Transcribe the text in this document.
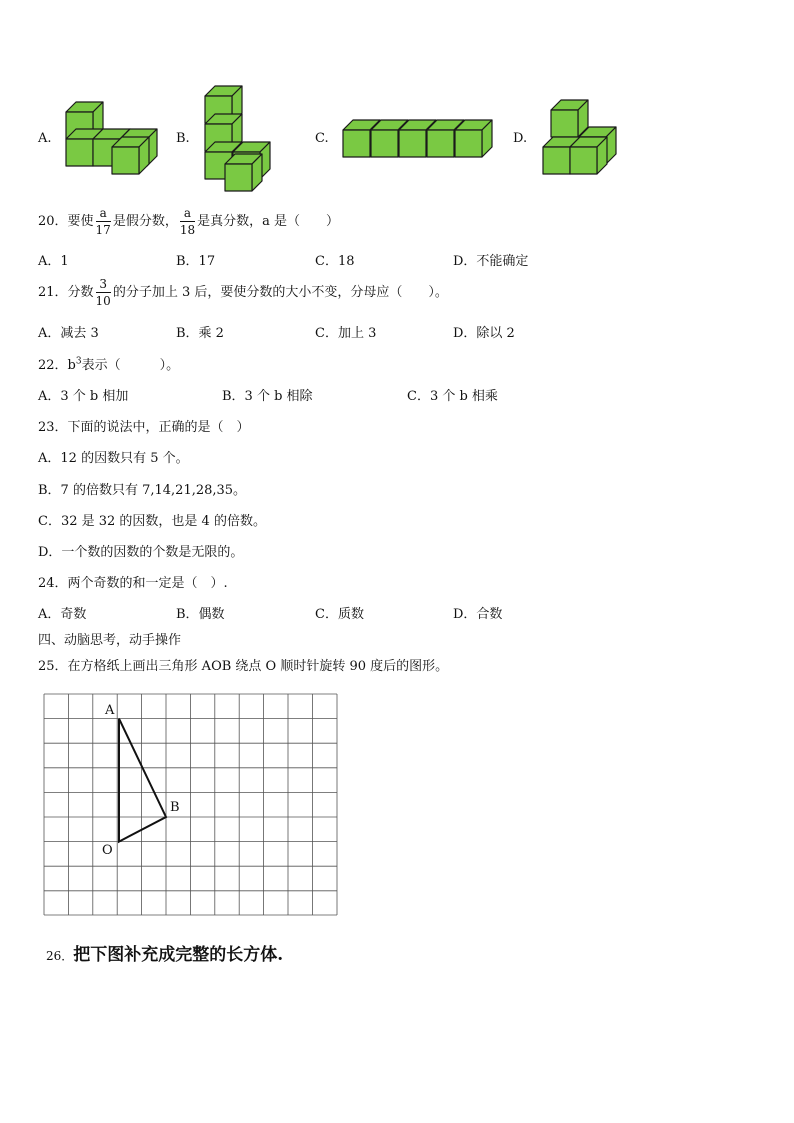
A.	B.	C.	D.
20．要使 $\frac{a}{17}$ 是假分数， $\frac{a}{18}$ 是真分数，a 是（　　）
A．1	B．17	C．18	D．不能确定
21．分数 $\frac{3}{10}$ 的分子加上 3 后，要使分数的大小不变，分母应（　　）。
A．减去 3	B．乘 2	C．加上 3	D．除以 2
22．$b^3$表示（　　　）。
A．3 个 b 相加	B．3 个 b 相除	C．3 个 b 相乘
23．下面的说法中，正确的是（　）
A．12 的因数只有 5 个。
B．7 的倍数只有 7,14,21,28,35。
C．32 是 32 的因数，也是 4 的倍数。
D．一个数的因数的个数是无限的。
24．两个奇数的和一定是（　）.
A．奇数	B．偶数	C．质数	D．合数
四、动脑思考，动手操作
25．在方格纸上画出三角形 AOB 绕点 O 顺时针旋转 90 度后的图形。
A
B
O
26．把下图补充成完整的长方体.
